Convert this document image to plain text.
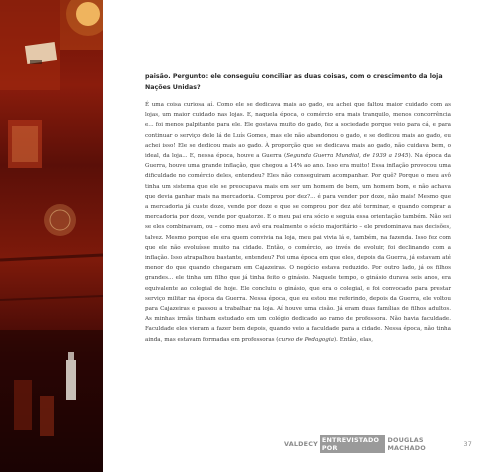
paisão. Pergunto: ele conseguiu conciliar as duas coisas, com o crescimento da loja Nações Unidas?

É uma coisa curiosa aí. Como ele se dedicava mais ao gado, eu achei que faltou maior cuidado com as lojas, um maior cuidado nas lojas. E, naquela época, o comércio era mais tranquilo, menos concorrência e... foi menos palpitante para ele. Ele gostava muito do gado, fez a sociedade porque veio para cá, e para continuar o serviço dele lá de Luís Gomes, mas ele não abandonou o gado, e se dedicou mais ao gado, eu achei isso! Ele se dedicou mais ao gado. À proporção que se dedicava mais ao gado, não cuidava bem, o ideal, da loja... E, nessa época, houve a Guerra (Segunda Guerra Mundial, de 1939 a 1945). Na época da Guerra, houve uma grande inflação, que chegou a 14% ao ano. Isso era muito! Essa inflação provocou uma dificuldade no comércio deles, entendeu? Eles não conseguiram acompanhar. Por quê? Porque o meu avô tinha um sistema que ele se preocupava mais em ser um homem de bem, um homem bom, e não achava que devia ganhar mais na mercadoria. Comprou por dez?... é para vender por doze, não mais! Mesmo que a mercadoria já custe doze, vende por doze e que se comprou por dez até terminar, e quando comprar a mercadoria por doze, vende por quatorze. E o meu pai era sócio e seguia essa orientação também. Não sei se eles combinavam, ou – como meu avô era realmente o sócio majoritário – ele predominava nas decisões, talvez. Mesmo porque ele era quem convivia na loja, meu pai vivia lá e, também, na fazenda. Isso fez com que ele não evoluísse muito na cidade. Então, o comércio, ao invés de evoluir, foi declinando com a inflação. Isso atrapalhou bastante, entendeu? Foi uma época em que eles, depois da Guerra, já estavam até menor do que quando chegaram em Cajazeiras. O negócio estava reduzido. Por outro lado, já os filhos grandes... ele tinha um filho que já tinha feito o ginásio. Naquele tempo, o ginásio durava seis anos, era equivalente ao colegial de hoje. Ele concluiu o ginásio, que era o colegial, e foi convocado para prestar serviço militar na época da Guerra. Nessa época, que eu estou me referindo, depois da Guerra, ele voltou para Cajazeiras e passou a trabalhar na loja. Aí houve uma cisão. Já eram duas famílias de filhos adultos. As minhas irmãs tinham estudado em um colégio dedicado ao ramo de professora. Não havia faculdade. Faculdade eles vieram a fazer bem depois, quando veio a faculdade para a cidade. Nessa época, não tinha ainda, mas estavam formadas em professoras (curso de Pedagogia). Então, elas,

VALDECY ENTREVISTADO POR
DOUGLAS MACHADO	37
